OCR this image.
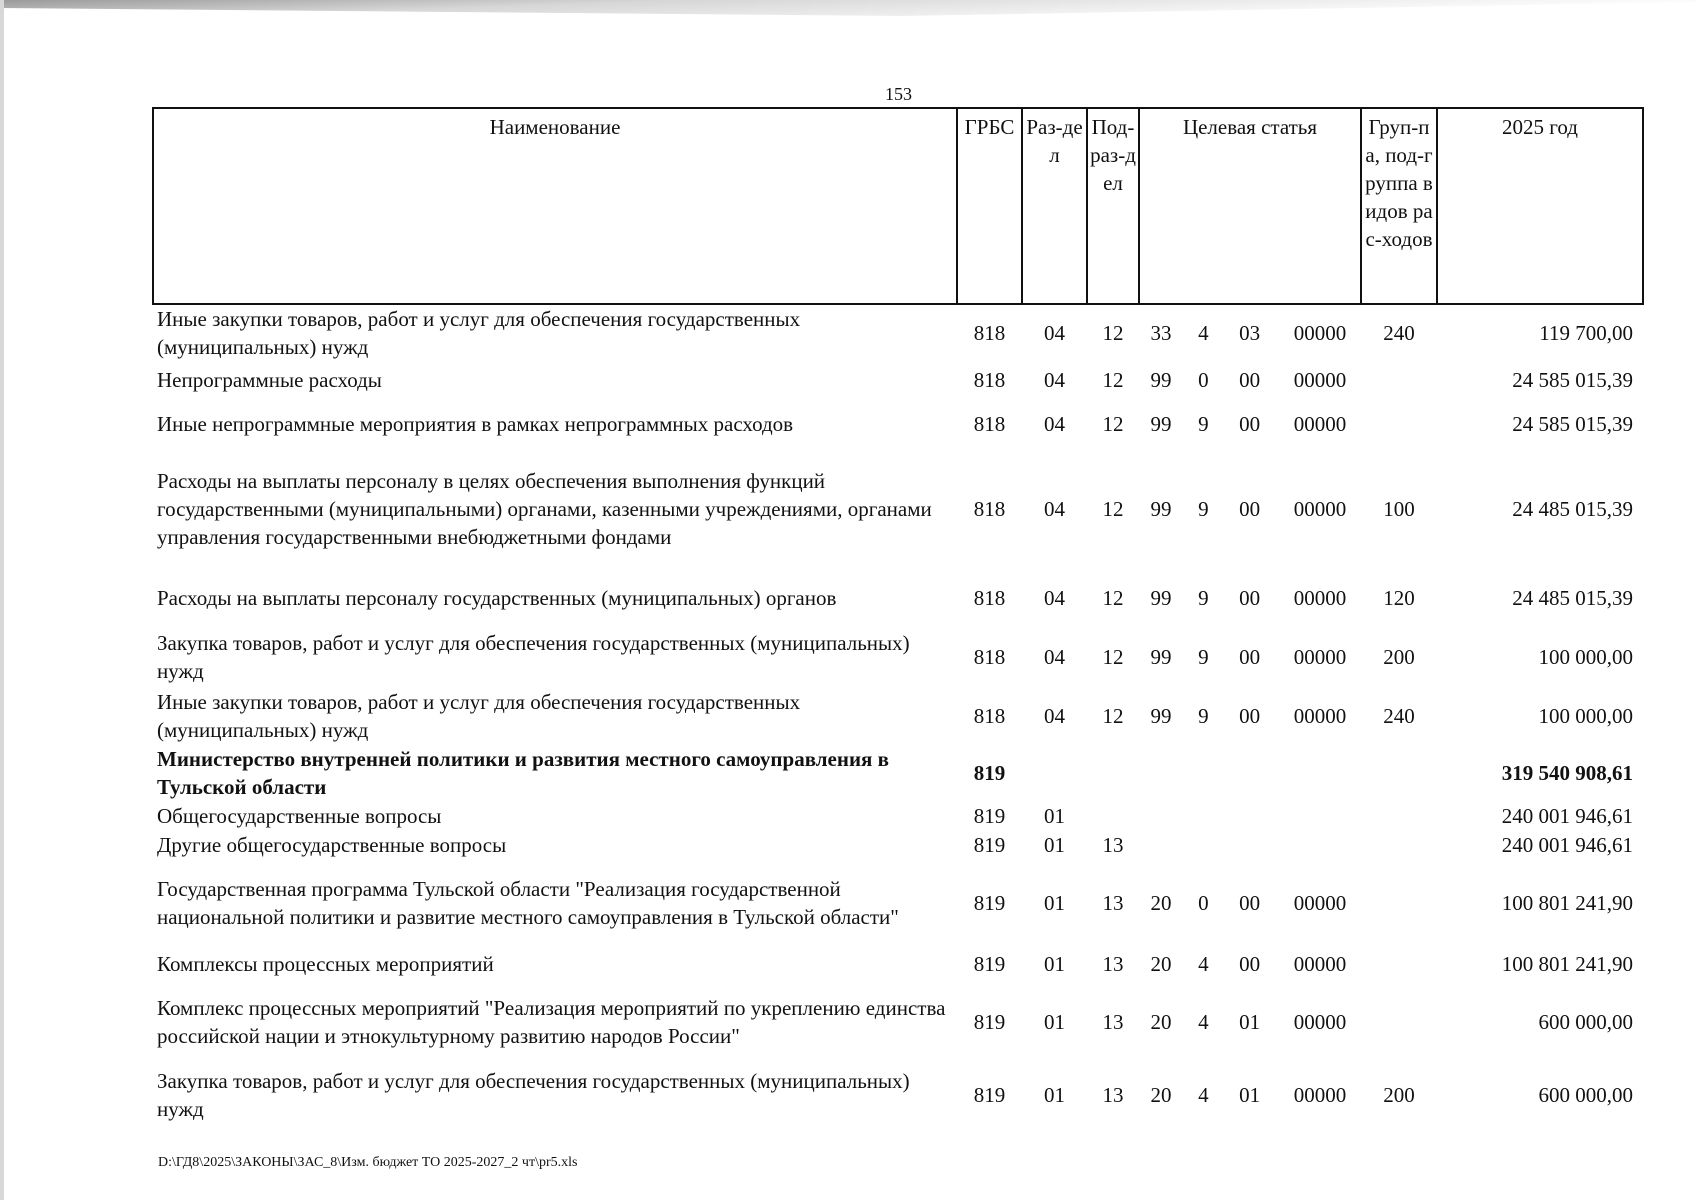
153
Наименование	ГРБС	Раз-дел	Под-раз-дел	Целевая статья	Груп-па, под-группа видов рас-ходов	2025 год
Иные закупки товаров, работ и услуг для обеспечения государственных (муниципальных) нужд	818	04	12	33 4 03 00000	240	119 700,00
Непрограммные расходы	818	04	12	99 0 00 00000		24 585 015,39
Иные непрограммные мероприятия в рамках непрограммных расходов	818	04	12	99 9 00 00000		24 585 015,39
Расходы на выплаты персоналу в целях обеспечения выполнения функций государственными (муниципальными) органами, казенными учреждениями, органами управления государственными внебюджетными фондами	818	04	12	99 9 00 00000	100	24 485 015,39
Расходы на выплаты персоналу государственных (муниципальных) органов	818	04	12	99 9 00 00000	120	24 485 015,39
Закупка товаров, работ и услуг для обеспечения государственных (муниципальных) нужд	818	04	12	99 9 00 00000	200	100 000,00
Иные закупки товаров, работ и услуг для обеспечения государственных (муниципальных) нужд	818	04	12	99 9 00 00000	240	100 000,00
Министерство внутренней политики и развития местного самоуправления в Тульской области	819					319 540 908,61
Общегосударственные вопросы	819	01				240 001 946,61
Другие общегосударственные вопросы	819	01	13			240 001 946,61
Государственная программа Тульской области "Реализация государственной национальной политики и развитие местного самоуправления в Тульской области"	819	01	13	20 0 00 00000		100 801 241,90
Комплексы процессных мероприятий	819	01	13	20 4 00 00000		100 801 241,90
Комплекс процессных мероприятий "Реализация мероприятий по укреплению единства российской нации и этнокультурному развитию народов России"	819	01	13	20 4 01 00000		600 000,00
Закупка товаров, работ и услуг для обеспечения государственных (муниципальных) нужд	819	01	13	20 4 01 00000	200	600 000,00
D:\ГД8\2025\ЗАКОНЫ\ЗАС_8\Изм. бюджет ТО 2025-2027_2 чт\pr5.xls
